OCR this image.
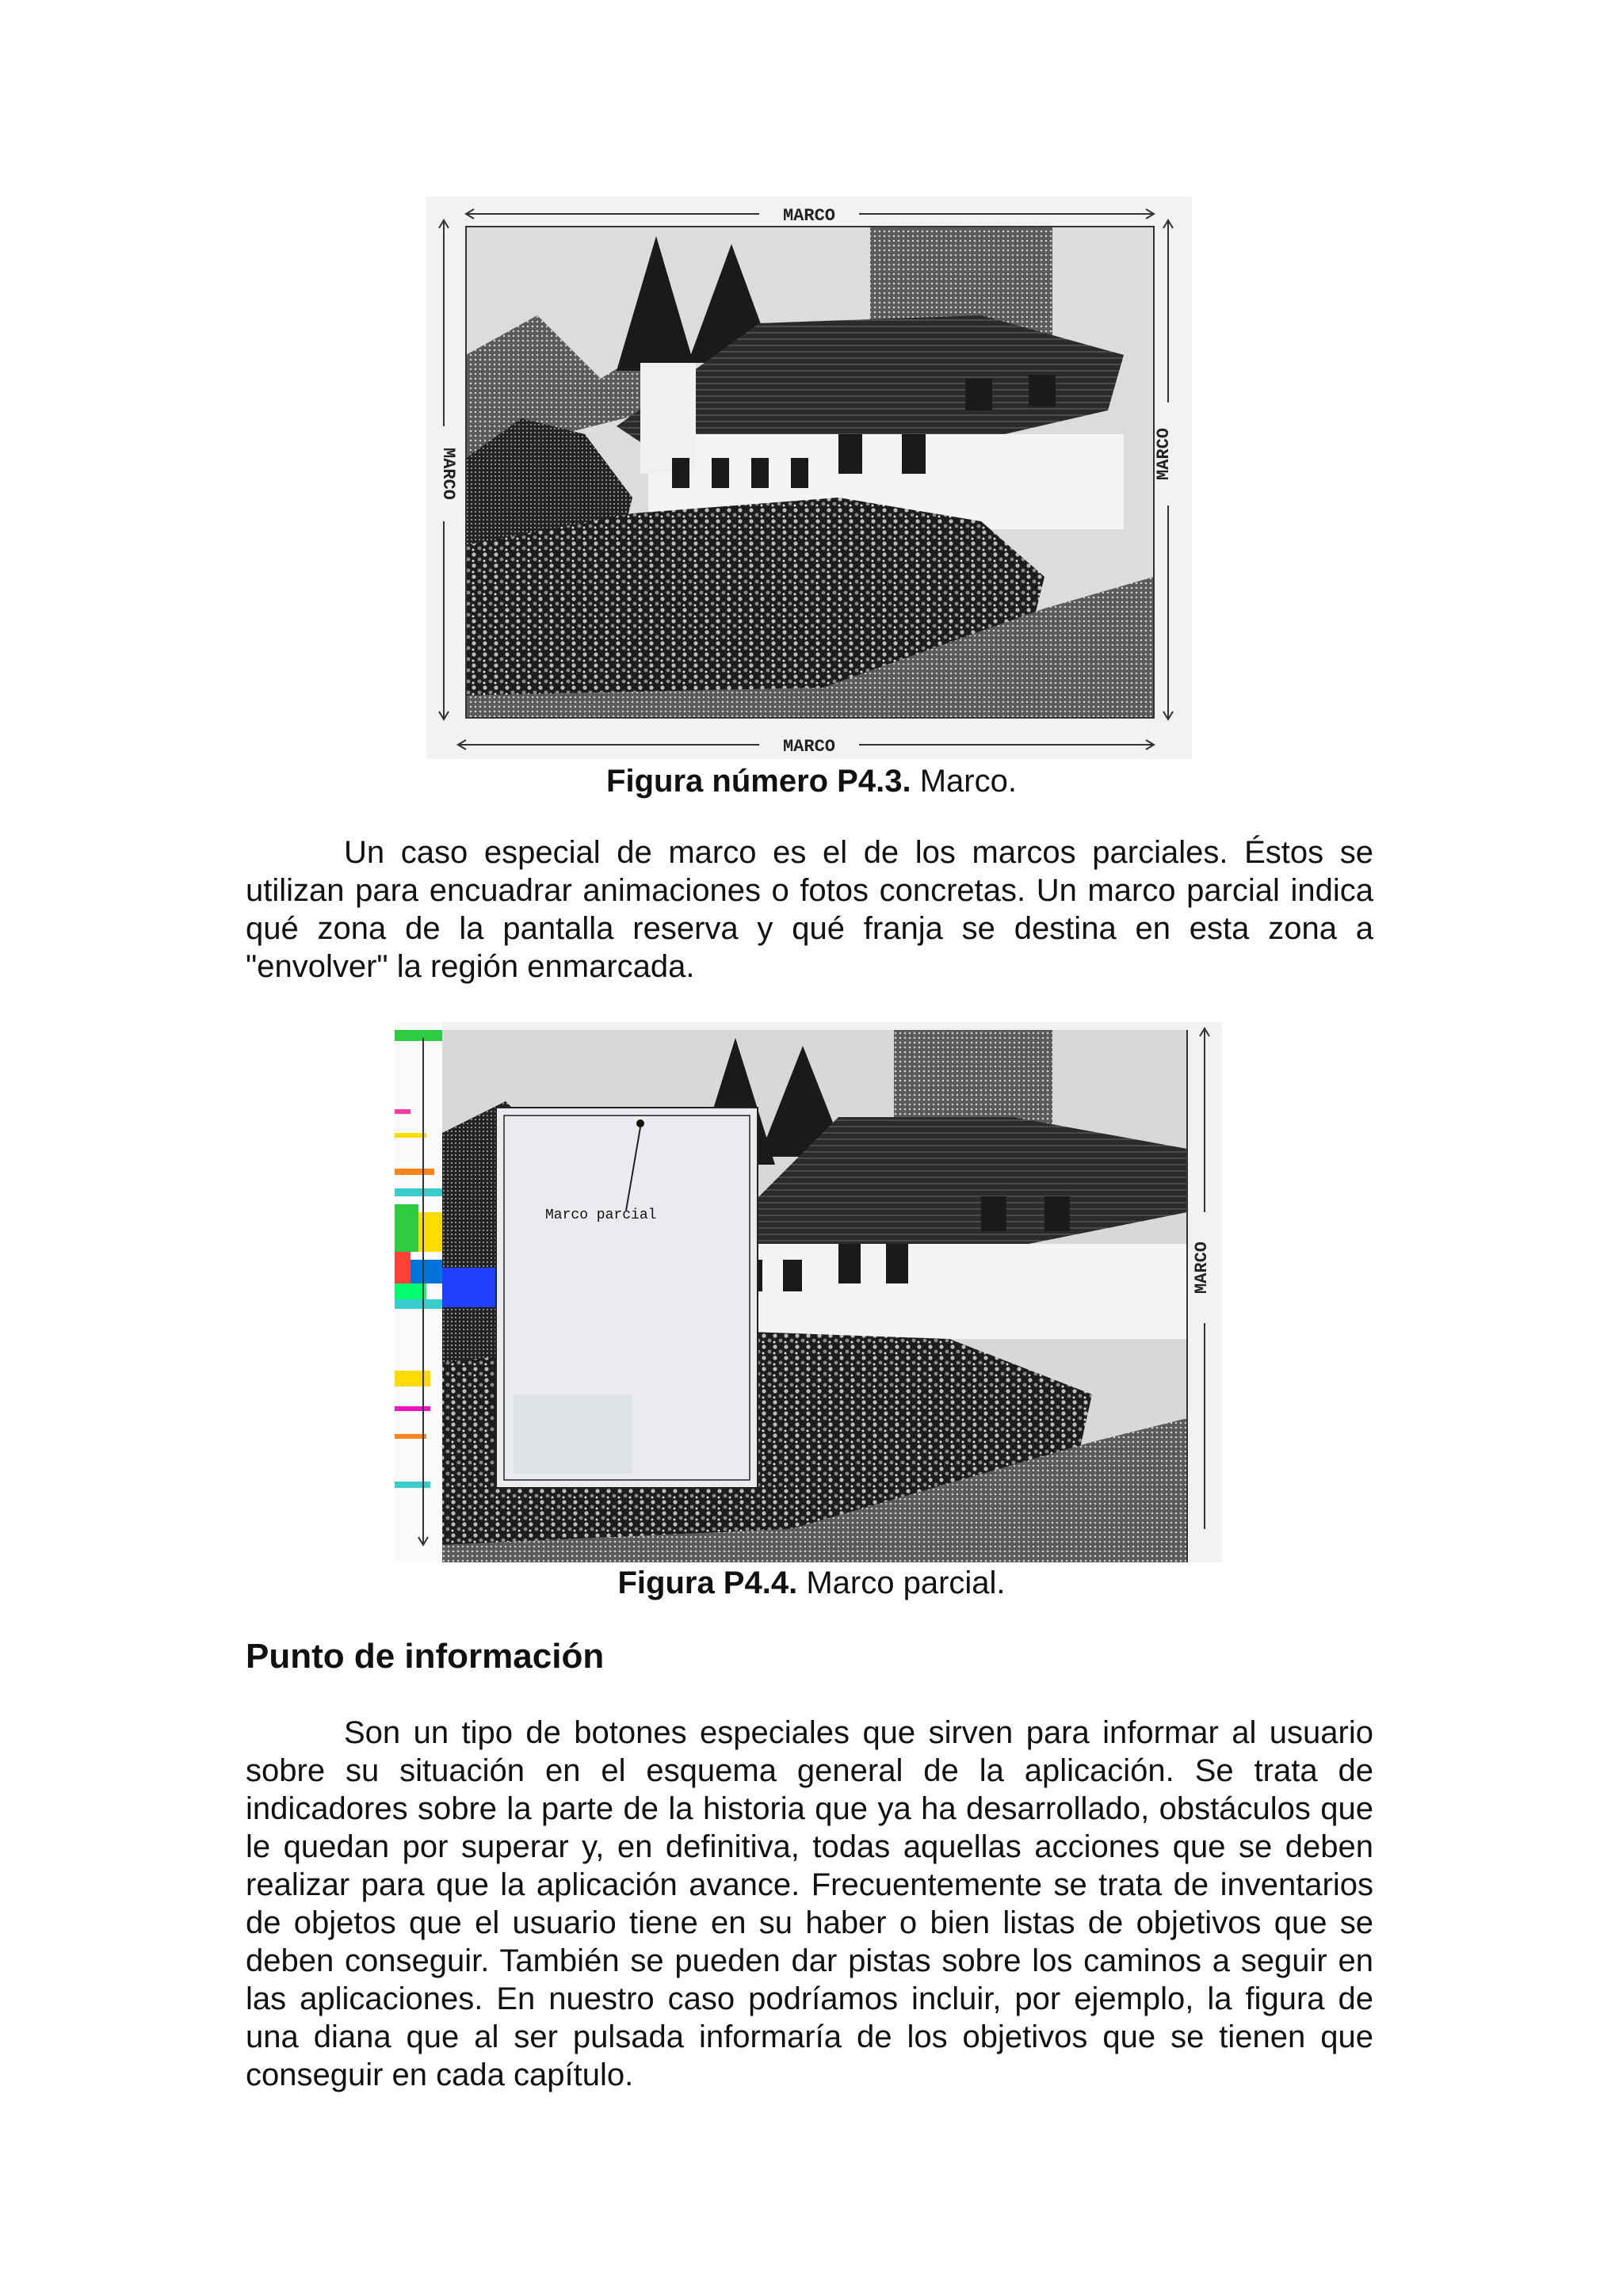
MARCO
MARCO
MARCO	MARCO
Figura número P4.3. Marco.

Un caso especial de marco es el de los marcos parciales. Éstos se utilizan para encuadrar animaciones o fotos concretas. Un marco parcial indica qué zona de la pantalla reserva y qué franja se destina en esta zona a "envolver" la región enmarcada.

Marco parcial
MARCO
Figura P4.4. Marco parcial.
Punto de información

Son un tipo de botones especiales que sirven para informar al usuario sobre su situación en el esquema general de la aplicación. Se trata de indicadores sobre la parte de la historia que ya ha desarrollado, obstáculos que le quedan por superar y, en definitiva, todas aquellas acciones que se deben realizar para que la aplicación avance. Frecuentemente se trata de inventarios de objetos que el usuario tiene en su haber o bien listas de objetivos que se deben conseguir. También se pueden dar pistas sobre los caminos a seguir en las aplicaciones. En nuestro caso podríamos incluir, por ejemplo, la figura de una diana que al ser pulsada informaría de los objetivos que se tienen que conseguir en cada capítulo.
